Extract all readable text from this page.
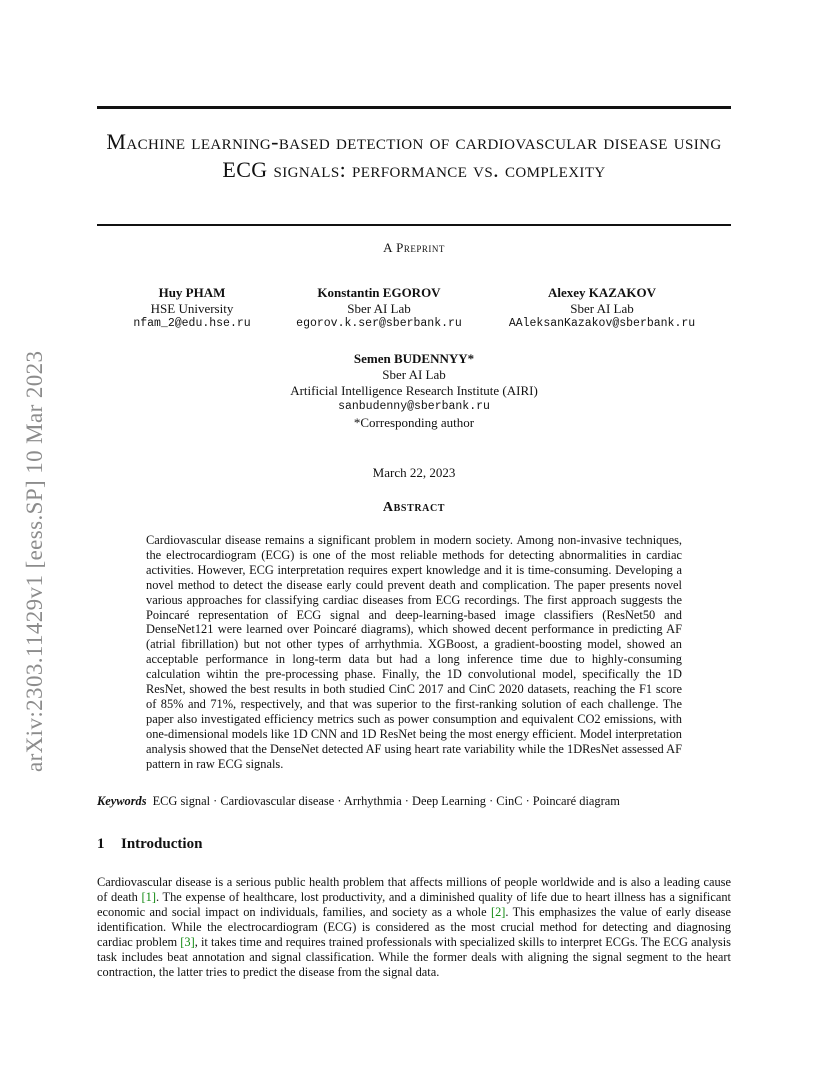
arXiv:2303.11429v1 [eess.SP] 10 Mar 2023
Machine learning-based detection of cardiovascular disease using ECG signals: performance vs. complexity
A Preprint
Huy PHAM
HSE University
nfam_2@edu.hse.ru
Konstantin EGOROV
Sber AI Lab
egorov.k.ser@sberbank.ru
Alexey KAZAKOV
Sber AI Lab
AAleksanKazakov@sberbank.ru
Semen BUDENNYY*
Sber AI Lab
Artificial Intelligence Research Institute (AIRI)
sanbudenny@sberbank.ru
*Corresponding author
March 22, 2023
Abstract
Cardiovascular disease remains a significant problem in modern society. Among non-invasive techniques, the electrocardiogram (ECG) is one of the most reliable methods for detecting abnormalities in cardiac activities. However, ECG interpretation requires expert knowledge and it is time-consuming. Developing a novel method to detect the disease early could prevent death and complication. The paper presents novel various approaches for classifying cardiac diseases from ECG recordings. The first approach suggests the Poincaré representation of ECG signal and deep-learning-based image classifiers (ResNet50 and DenseNet121 were learned over Poincaré diagrams), which showed decent performance in predicting AF (atrial fibrillation) but not other types of arrhythmia. XGBoost, a gradient-boosting model, showed an acceptable performance in long-term data but had a long inference time due to highly-consuming calculation wihtin the pre-processing phase. Finally, the 1D convolutional model, specifically the 1D ResNet, showed the best results in both studied CinC 2017 and CinC 2020 datasets, reaching the F1 score of 85% and 71%, respectively, and that was superior to the first-ranking solution of each challenge. The paper also investigated efficiency metrics such as power consumption and equivalent CO2 emissions, with one-dimensional models like 1D CNN and 1D ResNet being the most energy efficient. Model interpretation analysis showed that the DenseNet detected AF using heart rate variability while the 1DResNet assessed AF pattern in raw ECG signals.
Keywords ECG signal · Cardiovascular disease · Arrhythmia · Deep Learning · CinC · Poincaré diagram
1 Introduction
Cardiovascular disease is a serious public health problem that affects millions of people worldwide and is also a leading cause of death [1]. The expense of healthcare, lost productivity, and a diminished quality of life due to heart illness has a significant economic and social impact on individuals, families, and society as a whole [2]. This emphasizes the value of early disease identification. While the electrocardiogram (ECG) is considered as the most crucial method for detecting and diagnosing cardiac problem [3], it takes time and requires trained professionals with specialized skills to interpret ECGs. The ECG analysis task includes beat annotation and signal classification. While the former deals with aligning the signal segment to the heart contraction, the latter tries to predict the disease from the signal data.
